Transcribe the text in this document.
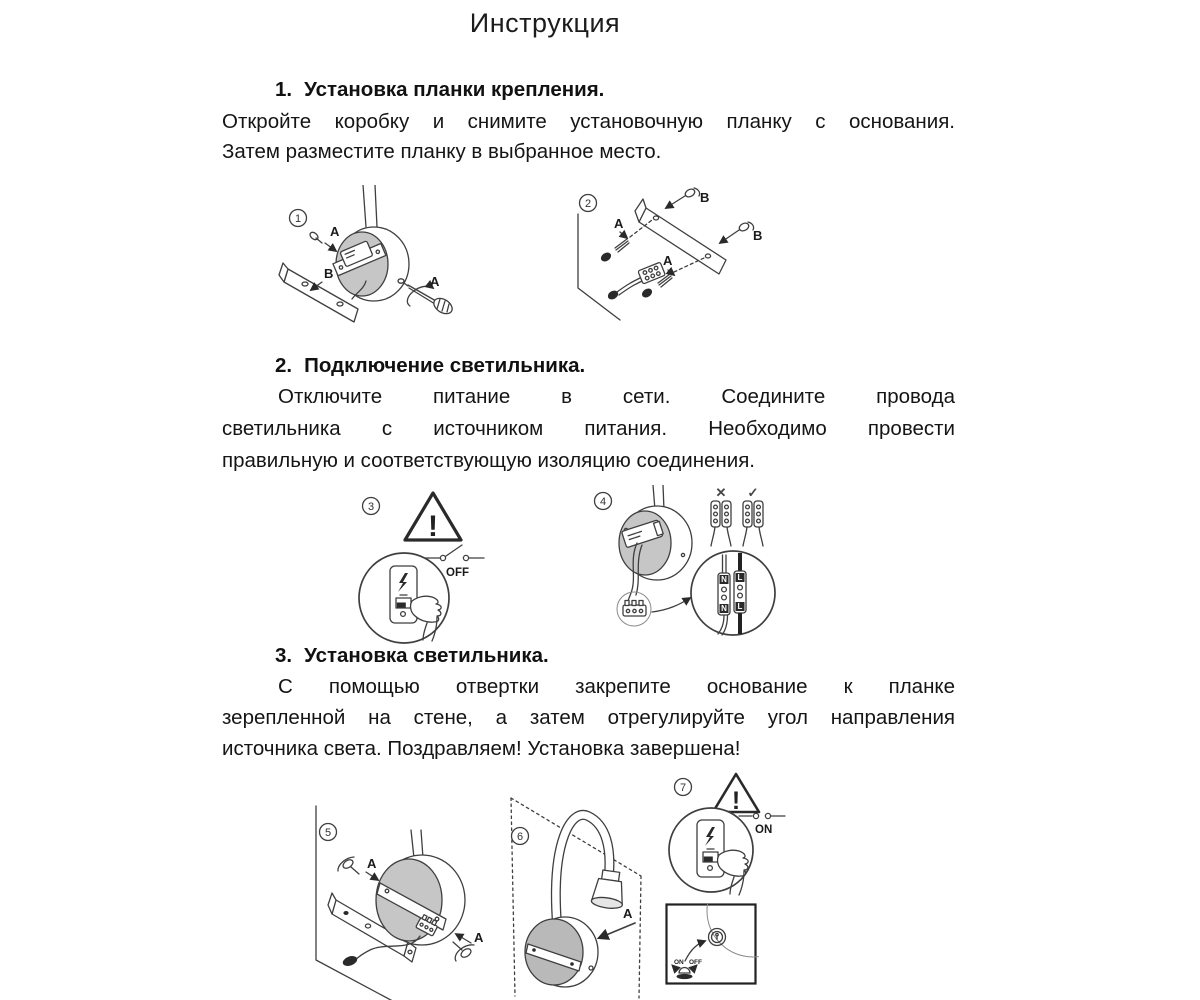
Инструкция
1. Установка планки крепления.
Откройте коробку и снимите установочную планку с основания.
Затем разместите планку в выбранное место.
1
A
B
A
2	B
B
A
A
2. Подключение светильника.
Отключите питание в сети. Соедините провода
светильника с источником питания. Необходимо провести
правильную и соответствующую изоляцию соединения.
3
!
OFF
4
✕ ✓
N
N
L
L
3. Установка светильника.
С помощью отвертки закрепите основание к планке
зерепленной на стене, а затем отрегулируйте угол направления
источника света. Поздравляем! Установка завершена!
5
A
A
6
A
7 !
ON
ON OFF
